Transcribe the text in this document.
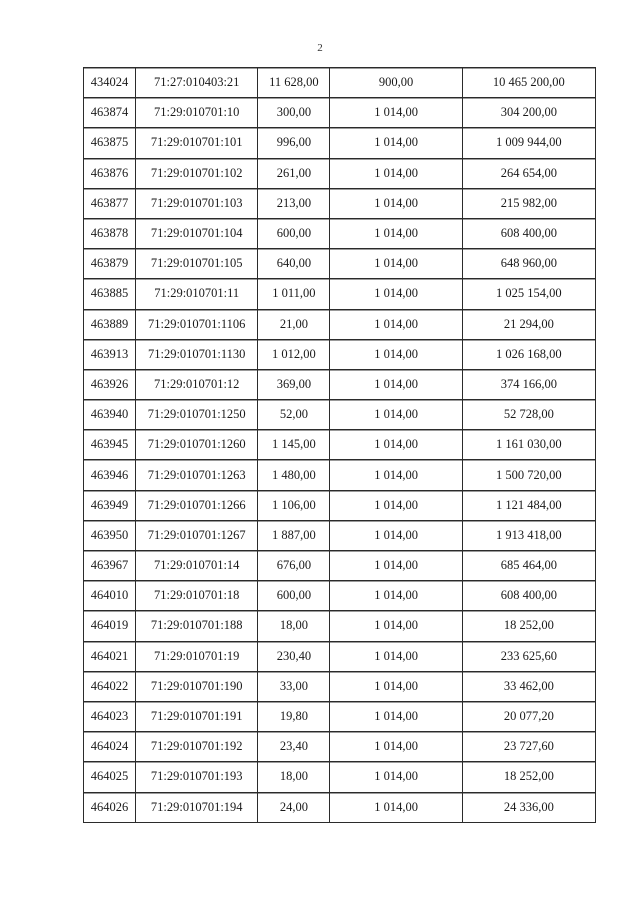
2
434024	71:27:010403:21	11 628,00	900,00	10 465 200,00
463874	71:29:010701:10	300,00	1 014,00	304 200,00
463875	71:29:010701:101	996,00	1 014,00	1 009 944,00
463876	71:29:010701:102	261,00	1 014,00	264 654,00
463877	71:29:010701:103	213,00	1 014,00	215 982,00
463878	71:29:010701:104	600,00	1 014,00	608 400,00
463879	71:29:010701:105	640,00	1 014,00	648 960,00
463885	71:29:010701:11	1 011,00	1 014,00	1 025 154,00
463889	71:29:010701:1106	21,00	1 014,00	21 294,00
463913	71:29:010701:1130	1 012,00	1 014,00	1 026 168,00
463926	71:29:010701:12	369,00	1 014,00	374 166,00
463940	71:29:010701:1250	52,00	1 014,00	52 728,00
463945	71:29:010701:1260	1 145,00	1 014,00	1 161 030,00
463946	71:29:010701:1263	1 480,00	1 014,00	1 500 720,00
463949	71:29:010701:1266	1 106,00	1 014,00	1 121 484,00
463950	71:29:010701:1267	1 887,00	1 014,00	1 913 418,00
463967	71:29:010701:14	676,00	1 014,00	685 464,00
464010	71:29:010701:18	600,00	1 014,00	608 400,00
464019	71:29:010701:188	18,00	1 014,00	18 252,00
464021	71:29:010701:19	230,40	1 014,00	233 625,60
464022	71:29:010701:190	33,00	1 014,00	33 462,00
464023	71:29:010701:191	19,80	1 014,00	20 077,20
464024	71:29:010701:192	23,40	1 014,00	23 727,60
464025	71:29:010701:193	18,00	1 014,00	18 252,00
464026	71:29:010701:194	24,00	1 014,00	24 336,00
